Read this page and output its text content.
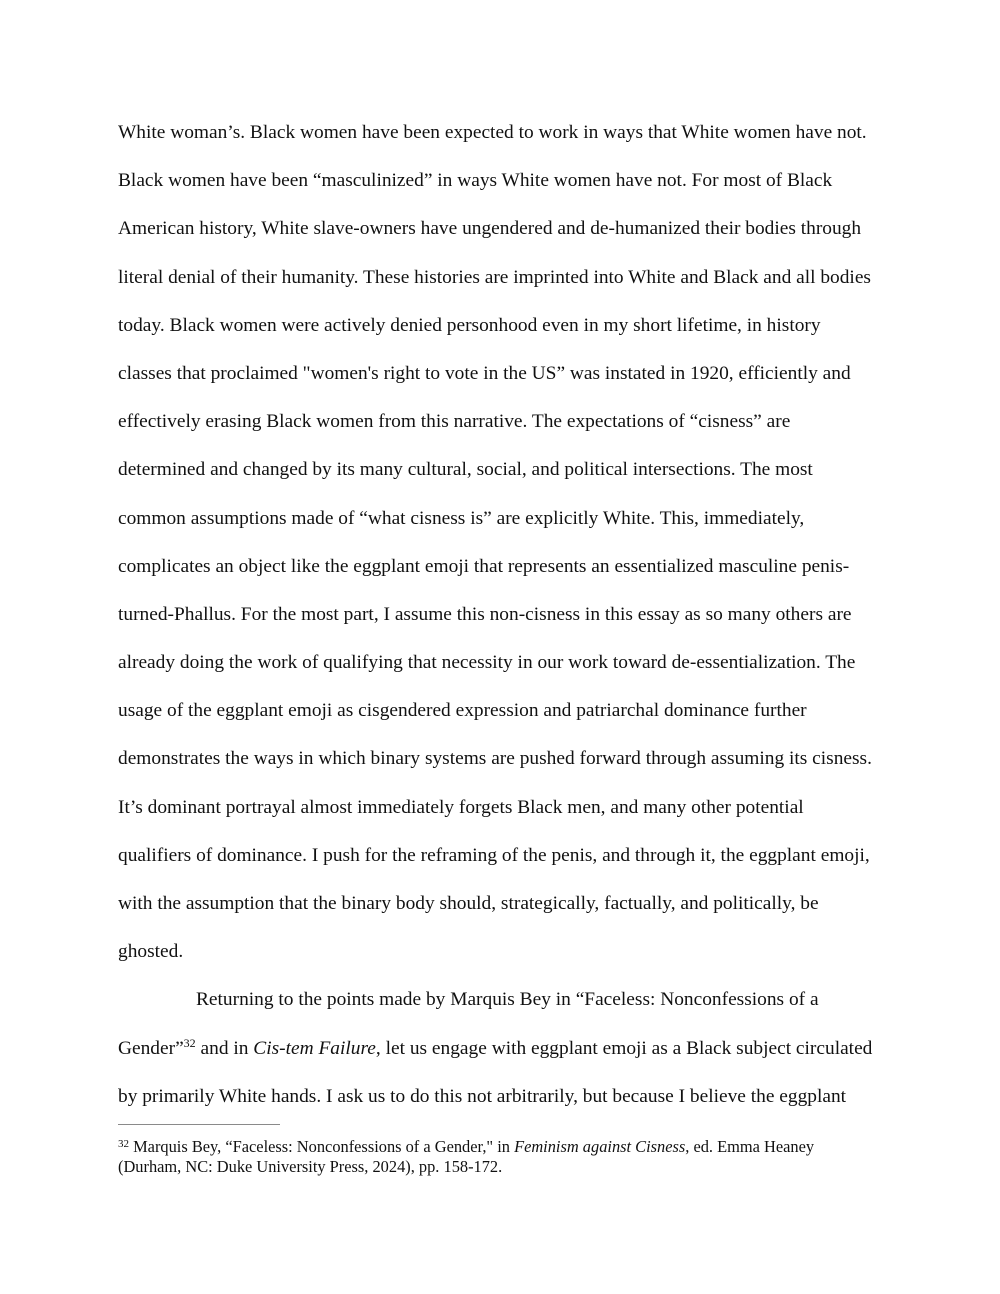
White woman’s. Black women have been expected to work in ways that White women have not.
Black women have been “masculinized” in ways White women have not. For most of Black
American history, White slave-owners have ungendered and de-humanized their bodies through
literal denial of their humanity. These histories are imprinted into White and Black and all bodies
today. Black women were actively denied personhood even in my short lifetime, in history
classes that proclaimed "women's right to vote in the US” was instated in 1920, efficiently and
effectively erasing Black women from this narrative. The expectations of “cisness” are
determined and changed by its many cultural, social, and political intersections. The most
common assumptions made of “what cisness is” are explicitly White. This, immediately,
complicates an object like the eggplant emoji that represents an essentialized masculine penis-
turned-Phallus. For the most part, I assume this non-cisness in this essay as so many others are
already doing the work of qualifying that necessity in our work toward de-essentialization. The
usage of the eggplant emoji as cisgendered expression and patriarchal dominance further
demonstrates the ways in which binary systems are pushed forward through assuming its cisness.
It’s dominant portrayal almost immediately forgets Black men, and many other potential
qualifiers of dominance. I push for the reframing of the penis, and through it, the eggplant emoji,
with the assumption that the binary body should, strategically, factually, and politically, be
ghosted.
Returning to the points made by Marquis Bey in “Faceless: Nonconfessions of a
Gender”$^{32}$ and in Cis-tem Failure, let us engage with eggplant emoji as a Black subject circulated
by primarily White hands. I ask us to do this not arbitrarily, but because I believe the eggplant
$^{32}$ Marquis Bey, “Faceless: Nonconfessions of a Gender," in Feminism against Cisness, ed. Emma Heaney
(Durham, NC: Duke University Press, 2024), pp. 158-172.
